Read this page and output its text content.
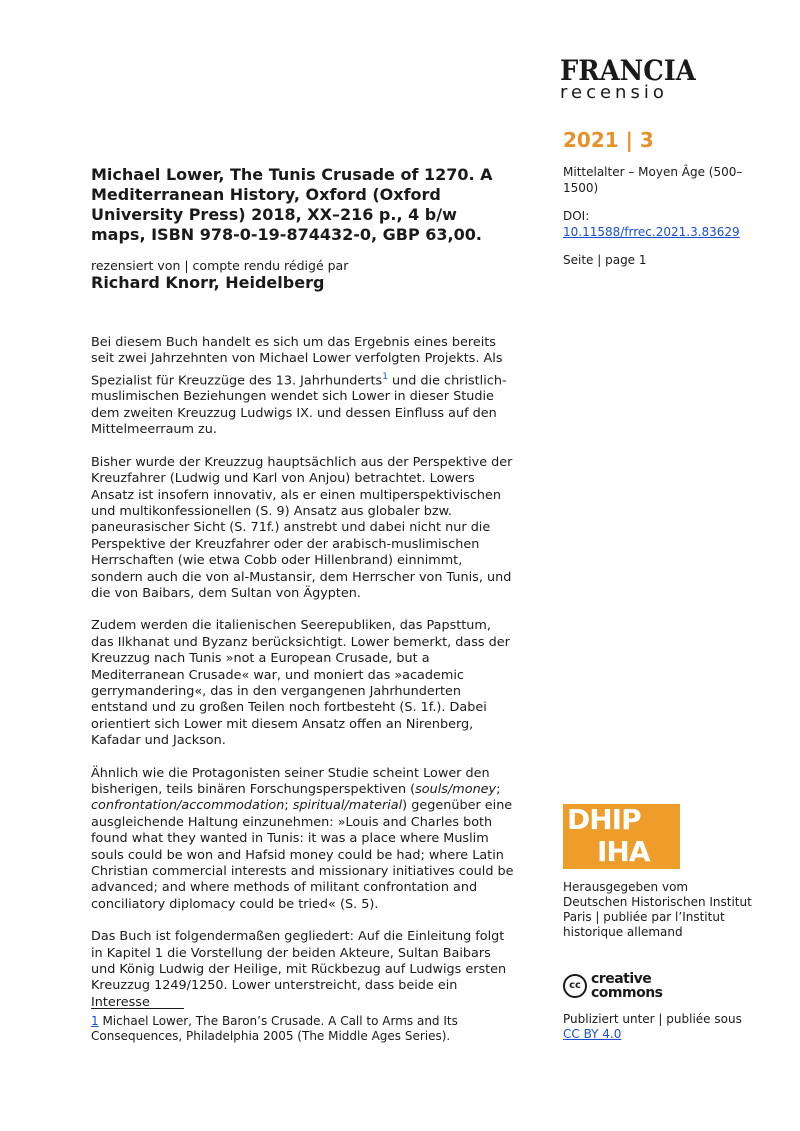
FRANCIA
recensio
2021 | 3
Mittelalter – Moyen Âge (500–1500)
DOI:
10.11588/frrec.2021.3.83629
Seite | page 1
Michael Lower, The Tunis Crusade of 1270. A Mediterranean History, Oxford (Oxford University Press) 2018, XX–216 p., 4 b/w maps, ISBN 978-0-19-874432-0, GBP 63,00.
rezensiert von | compte rendu rédigé par
Richard Knorr, Heidelberg

Bei diesem Buch handelt es sich um das Ergebnis eines bereits seit zwei Jahrzehnten von Michael Lower verfolgten Projekts. Als Spezialist für Kreuzzüge des 13. Jahrhunderts$^1$ und die christlich-muslimischen Beziehungen wendet sich Lower in dieser Studie dem zweiten Kreuzzug Ludwigs IX. und dessen Einfluss auf den Mittelmeerraum zu.

Bisher wurde der Kreuzzug hauptsächlich aus der Perspektive der Kreuzfahrer (Ludwig und Karl von Anjou) betrachtet. Lowers Ansatz ist insofern innovativ, als er einen multiperspektivischen und multikonfessionellen (S. 9) Ansatz aus globaler bzw. paneurasischer Sicht (S. 71f.) anstrebt und dabei nicht nur die Perspektive der Kreuzfahrer oder der arabisch-muslimischen Herrschaften (wie etwa Cobb oder Hillenbrand) einnimmt, sondern auch die von al-Mustansir, dem Herrscher von Tunis, und die von Baibars, dem Sultan von Ägypten.

Zudem werden die italienischen Seerepubliken, das Papsttum, das Ilkhanat und Byzanz berücksichtigt. Lower bemerkt, dass der Kreuzzug nach Tunis »not a European Crusade, but a Mediterranean Crusade« war, und moniert das »academic gerrymandering«, das in den vergangenen Jahrhunderten entstand und zu großen Teilen noch fortbesteht (S. 1f.). Dabei orientiert sich Lower mit diesem Ansatz offen an Nirenberg, Kafadar und Jackson.

Ähnlich wie die Protagonisten seiner Studie scheint Lower den bisherigen, teils binären Forschungsperspektiven (souls/money; confrontation/accommodation; spiritual/material) gegenüber eine ausgleichende Haltung einzunehmen: »Louis and Charles both found what they wanted in Tunis: it was a place where Muslim souls could be won and Hafsid money could be had; where Latin Christian commercial interests and missionary initiatives could be advanced; and where methods of militant confrontation and conciliatory diplomacy could be tried« (S. 5).

Das Buch ist folgendermaßen gegliedert: Auf die Einleitung folgt in Kapitel 1 die Vorstellung der beiden Akteure, Sultan Baibars und König Ludwig der Heilige, mit Rückbezug auf Ludwigs ersten Kreuzzug 1249/1250. Lower unterstreicht, dass beide ein Interesse

1 Michael Lower, The Baron’s Crusade. A Call to Arms and Its Consequences, Philadelphia 2005 (The Middle Ages Series).
DHIP
IHA
Herausgegeben vom Deutschen Historischen Institut Paris | publiée par l’Institut historique allemand
cc creative commons
Publiziert unter | publiée sous
CC BY 4.0
